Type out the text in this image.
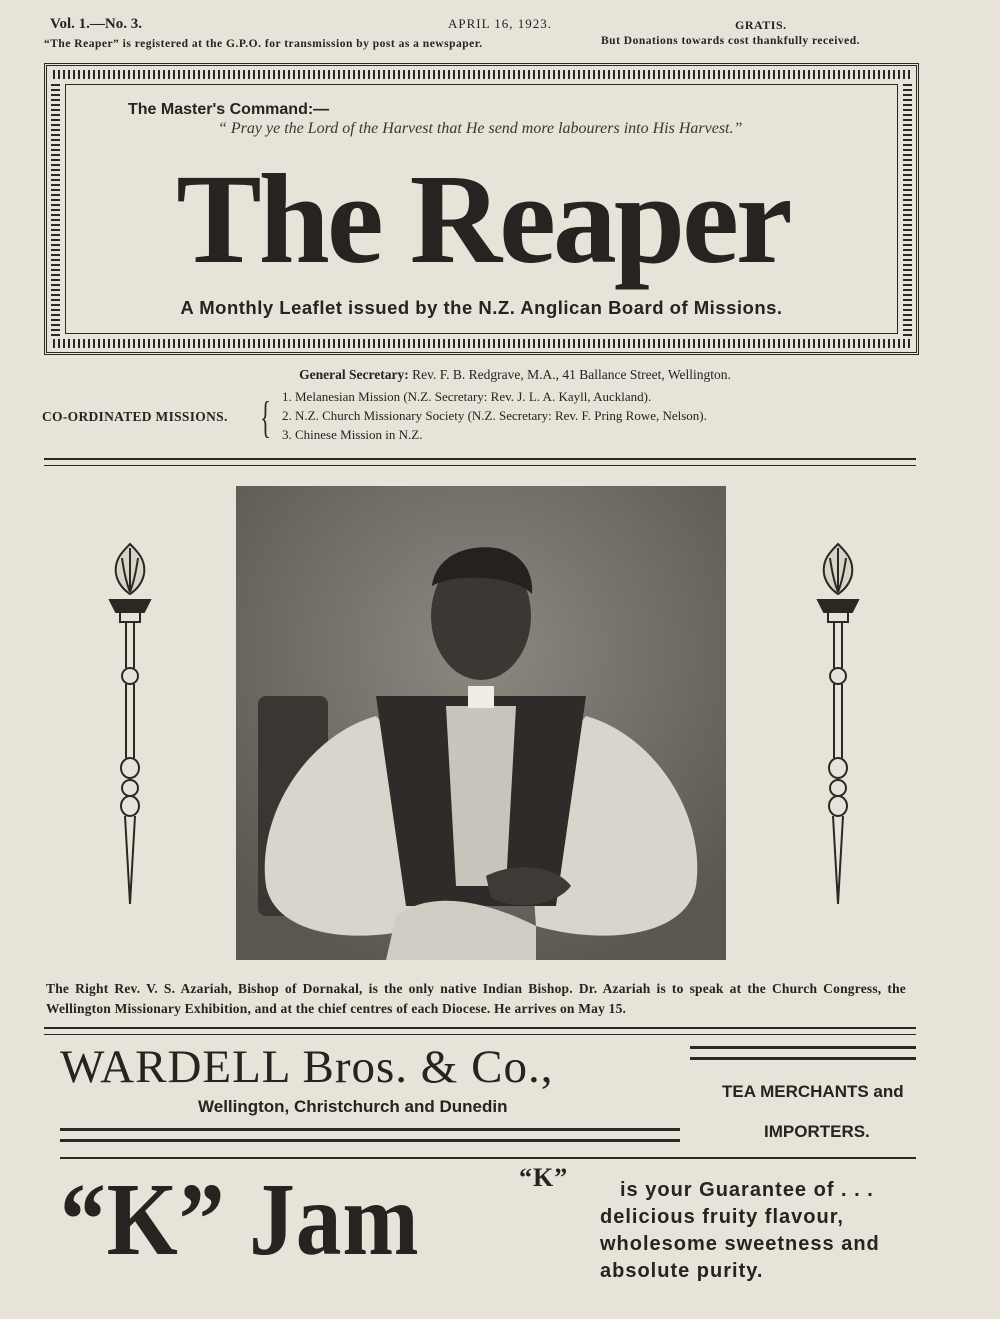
Vol. 1.—No. 3.	APRIL 16, 1923.	GRATIS.
“The Reaper” is registered at the G.P.O. for transmission by post as a newspaper.	But Donations towards cost thankfully received.
The Master's Command:—
“ Pray ye the Lord of the Harvest that He send more labourers into His Harvest.”
The Reaper
A Monthly Leaflet issued by the N.Z. Anglican Board of Missions.
General Secretary: Rev. F. B. Redgrave, M.A., 41 Ballance Street, Wellington.
CO-ORDINATED MISSIONS. { 1. Melanesian Mission (N.Z. Secretary: Rev. J. L. A. Kayll, Auckland).
2. N.Z. Church Missionary Society (N.Z. Secretary: Rev. F. Pring Rowe, Nelson).
3. Chinese Mission in N.Z.
The Right Rev. V. S. Azariah, Bishop of Dornakal, is the only native Indian Bishop. Dr. Azariah is to speak at the Church Congress, the Wellington Missionary Exhibition, and at the chief centres of each Diocese. He arrives on May 15.
WARDELL Bros. & Co.,
Wellington, Christchurch and Dunedin
TEA MERCHANTS and
IMPORTERS.
“K” Jam	“K”	is your Guarantee of . . .
delicious fruity flavour,
wholesome sweetness and
absolute purity.
